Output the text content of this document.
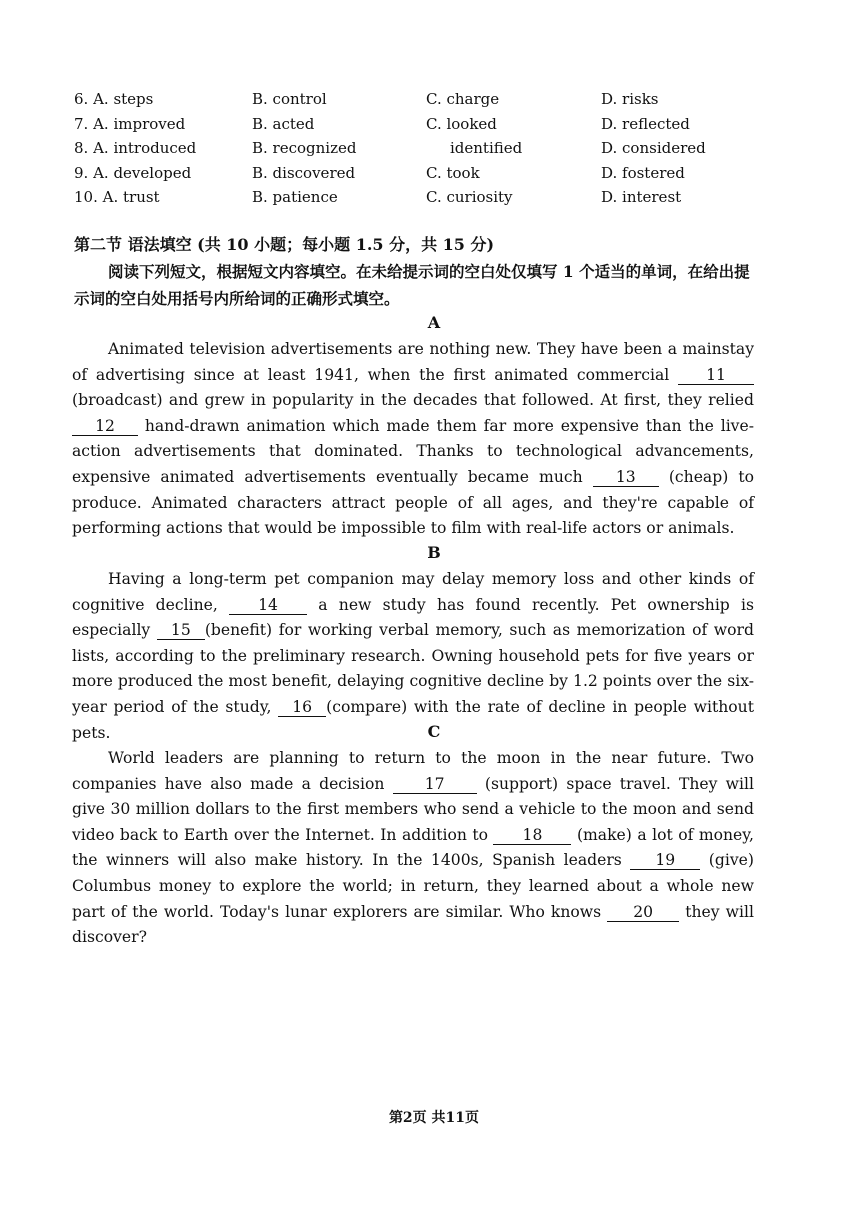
6. A. steps	B. control	C. charge	D. risks
7. A. improved	B. acted	C. looked	D. reflected
8. A. introduced	B. recognized	identified	D. considered
9. A. developed	B. discovered	C. took	D. fostered
10. A. trust	B. patience	C. curiosity	D. interest
第二节 语法填空 (共 10 小题；每小题 1.5 分，共 15 分)
阅读下列短文，根据短文内容填空。在未给提示词的空白处仅填写 1 个适当的单词，在给出提示词的空白处用括号内所给词的正确形式填空。
A
Animated television advertisements are nothing new. They have been a mainstay of advertising since at least 1941, when the first animated commercial 11 (broadcast) and grew in popularity in the decades that followed. At first, they relied 12 hand-drawn animation which made them far more expensive than the live-action advertisements that dominated. Thanks to technological advancements, expensive animated advertisements eventually became much 13 (cheap) to produce. Animated characters attract people of all ages, and they're capable of performing actions that would be impossible to film with real-life actors or animals.
B
Having a long-term pet companion may delay memory loss and other kinds of cognitive decline,	14	a new study has found recently. Pet ownership is especially 15 (benefit) for working verbal memory, such as memorization of word lists, according to the preliminary research. Owning household pets for five years or more produced the most benefit, delaying cognitive decline by 1.2 points over the six-year period of the study, 16 (compare) with the rate of decline in people without pets.	C
World leaders are planning to return to the moon in the near future. Two companies have also made a decision	17	(support) space travel. They will give 30 million dollars to the first members who send a vehicle to the moon and send video back to Earth over the Internet. In addition to 18 (make) a lot of money, the winners will also make history. In the 1400s, Spanish leaders 19 (give) Columbus money to explore the world; in return, they learned about a whole new part of the world. Today's lunar explorers are similar. Who knows 20 they will discover?
第2页 共11页
